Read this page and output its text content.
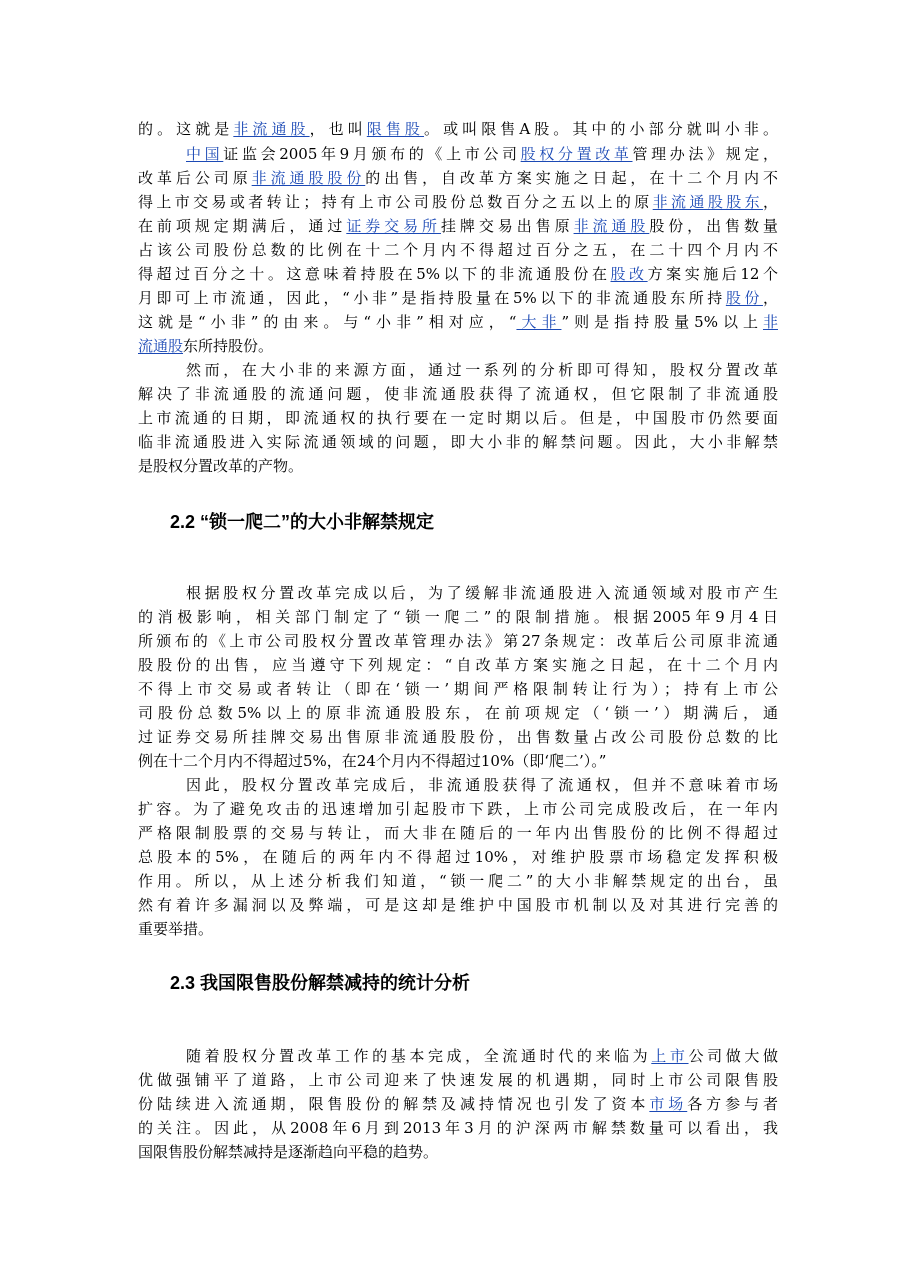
的。这就是非流通股，也叫限售股。或叫限售A股。其中的小部分就叫小非。
中国证监会2005年9月颁布的《上市公司股权分置改革管理办法》规定，
改革后公司原非流通股股份的出售，自改革方案实施之日起，在十二个月内不
得上市交易或者转让；持有上市公司股份总数百分之五以上的原非流通股股东，
在前项规定期满后，通过证券交易所挂牌交易出售原非流通股股份，出售数量
占该公司股份总数的比例在十二个月内不得超过百分之五，在二十四个月内不
得超过百分之十。这意味着持股在5%以下的非流通股份在股改方案实施后12个
月即可上市流通，因此，“小非”是指持股量在5%以下的非流通股东所持股份，
这就是“小非”的由来。与“小非”相对应，“大非”则是指持股量5%以上非
流通股东所持股份。
然而，在大小非的来源方面，通过一系列的分析即可得知，股权分置改革
解决了非流通股的流通问题，使非流通股获得了流通权，但它限制了非流通股
上市流通的日期，即流通权的执行要在一定时期以后。但是，中国股市仍然要面
临非流通股进入实际流通领域的问题，即大小非的解禁问题。因此，大小非解禁
是股权分置改革的产物。
2.2 “锁一爬二”的大小非解禁规定
根据股权分置改革完成以后，为了缓解非流通股进入流通领域对股市产生
的消极影响，相关部门制定了“锁一爬二”的限制措施。根据2005年9月4日
所颁布的《上市公司股权分置改革管理办法》第27条规定：改革后公司原非流通
股股份的出售，应当遵守下列规定：“自改革方案实施之日起，在十二个月内
不得上市交易或者转让（即在‘锁一’期间严格限制转让行为）；持有上市公
司股份总数5%以上的原非流通股股东，在前项规定（‘锁一’）期满后，通
过证券交易所挂牌交易出售原非流通股股份，出售数量占改公司股份总数的比
例在十二个月内不得超过5%，在24个月内不得超过10%（即‘爬二’）。”
因此，股权分置改革完成后，非流通股获得了流通权，但并不意味着市场
扩容。为了避免攻击的迅速增加引起股市下跌，上市公司完成股改后，在一年内
严格限制股票的交易与转让，而大非在随后的一年内出售股份的比例不得超过
总股本的5%，在随后的两年内不得超过10%，对维护股票市场稳定发挥积极
作用。所以，从上述分析我们知道，“锁一爬二”的大小非解禁规定的出台，虽
然有着许多漏洞以及弊端，可是这却是维护中国股市机制以及对其进行完善的
重要举措。
2.3 我国限售股份解禁减持的统计分析
随着股权分置改革工作的基本完成，全流通时代的来临为上市公司做大做
优做强铺平了道路，上市公司迎来了快速发展的机遇期，同时上市公司限售股
份陆续进入流通期，限售股份的解禁及减持情况也引发了资本市场各方参与者
的关注。因此，从2008年6月到2013年3月的沪深两市解禁数量可以看出，我
国限售股份解禁减持是逐渐趋向平稳的趋势。
